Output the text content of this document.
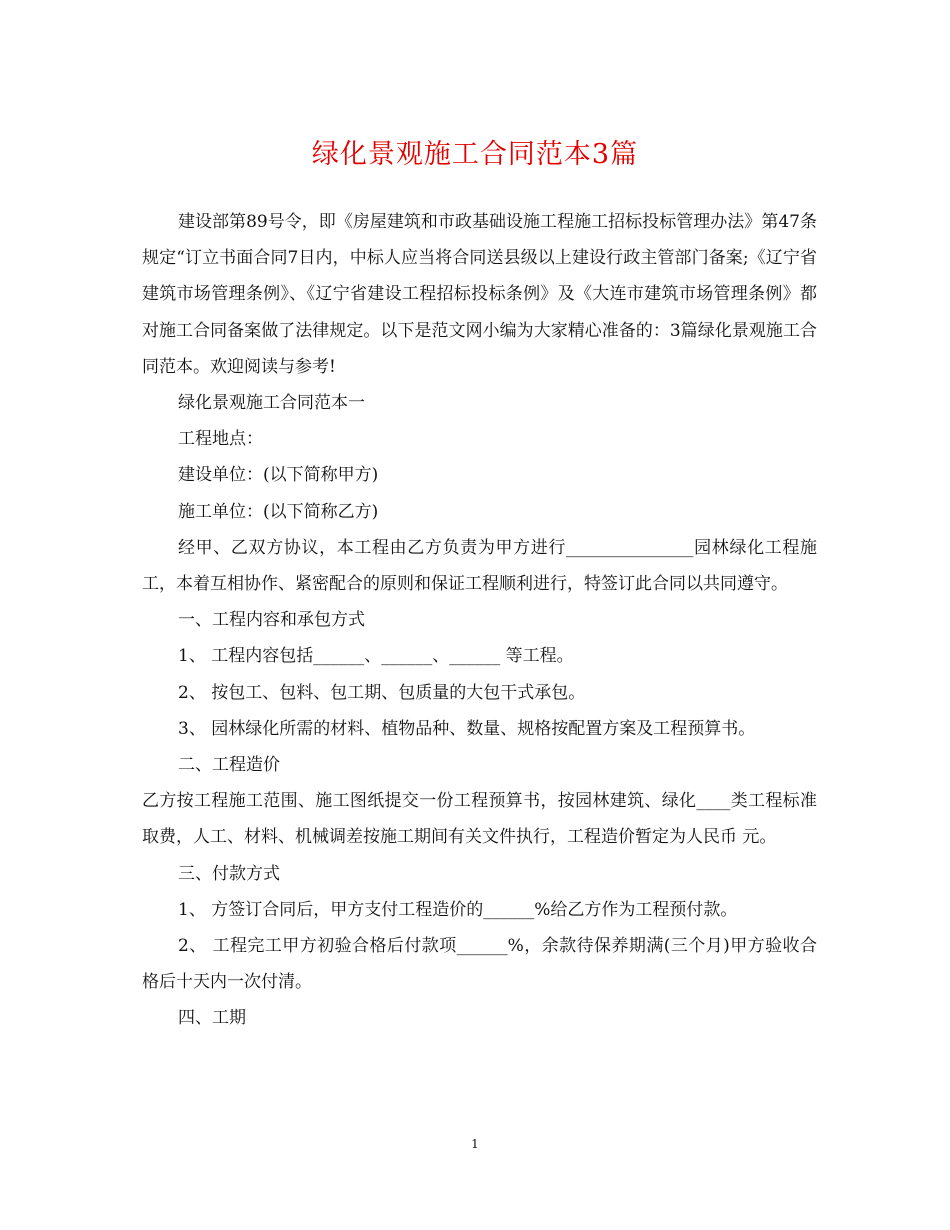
绿化景观施工合同范本3篇

建设部第89号令，即《房屋建筑和市政基础设施工程施工招标投标管理办法》第47条规定“订立书面合同7日内，中标人应当将合同送县级以上建设行政主管部门备案;《辽宁省建筑市场管理条例》、《辽宁省建设工程招标投标条例》及《大连市建筑市场管理条例》都对施工合同备案做了法律规定。以下是范文网小编为大家精心准备的：3篇绿化景观施工合同范本。欢迎阅读与参考!

绿化景观施工合同范本一

工程地点：

建设单位：(以下简称甲方)

施工单位：(以下简称乙方)

经甲、乙双方协议，本工程由乙方负责为甲方进行_______________园林绿化工程施工，本着互相协作、紧密配合的原则和保证工程顺利进行，特签订此合同以共同遵守。

一、工程内容和承包方式

1、 工程内容包括______、______、______ 等工程。

2、 按包工、包料、包工期、包质量的大包干式承包。

3、 园林绿化所需的材料、植物品种、数量、规格按配置方案及工程预算书。

二、工程造价

乙方按工程施工范围、施工图纸提交一份工程预算书，按园林建筑、绿化____类工程标准取费，人工、材料、机械调差按施工期间有关文件执行，工程造价暂定为人民币 元。

三、付款方式

1、 方签订合同后，甲方支付工程造价的______%给乙方作为工程预付款。

2、 工程完工甲方初验合格后付款项______%，余款待保养期满(三个月)甲方验收合格后十天内一次付清。

四、工期

1
